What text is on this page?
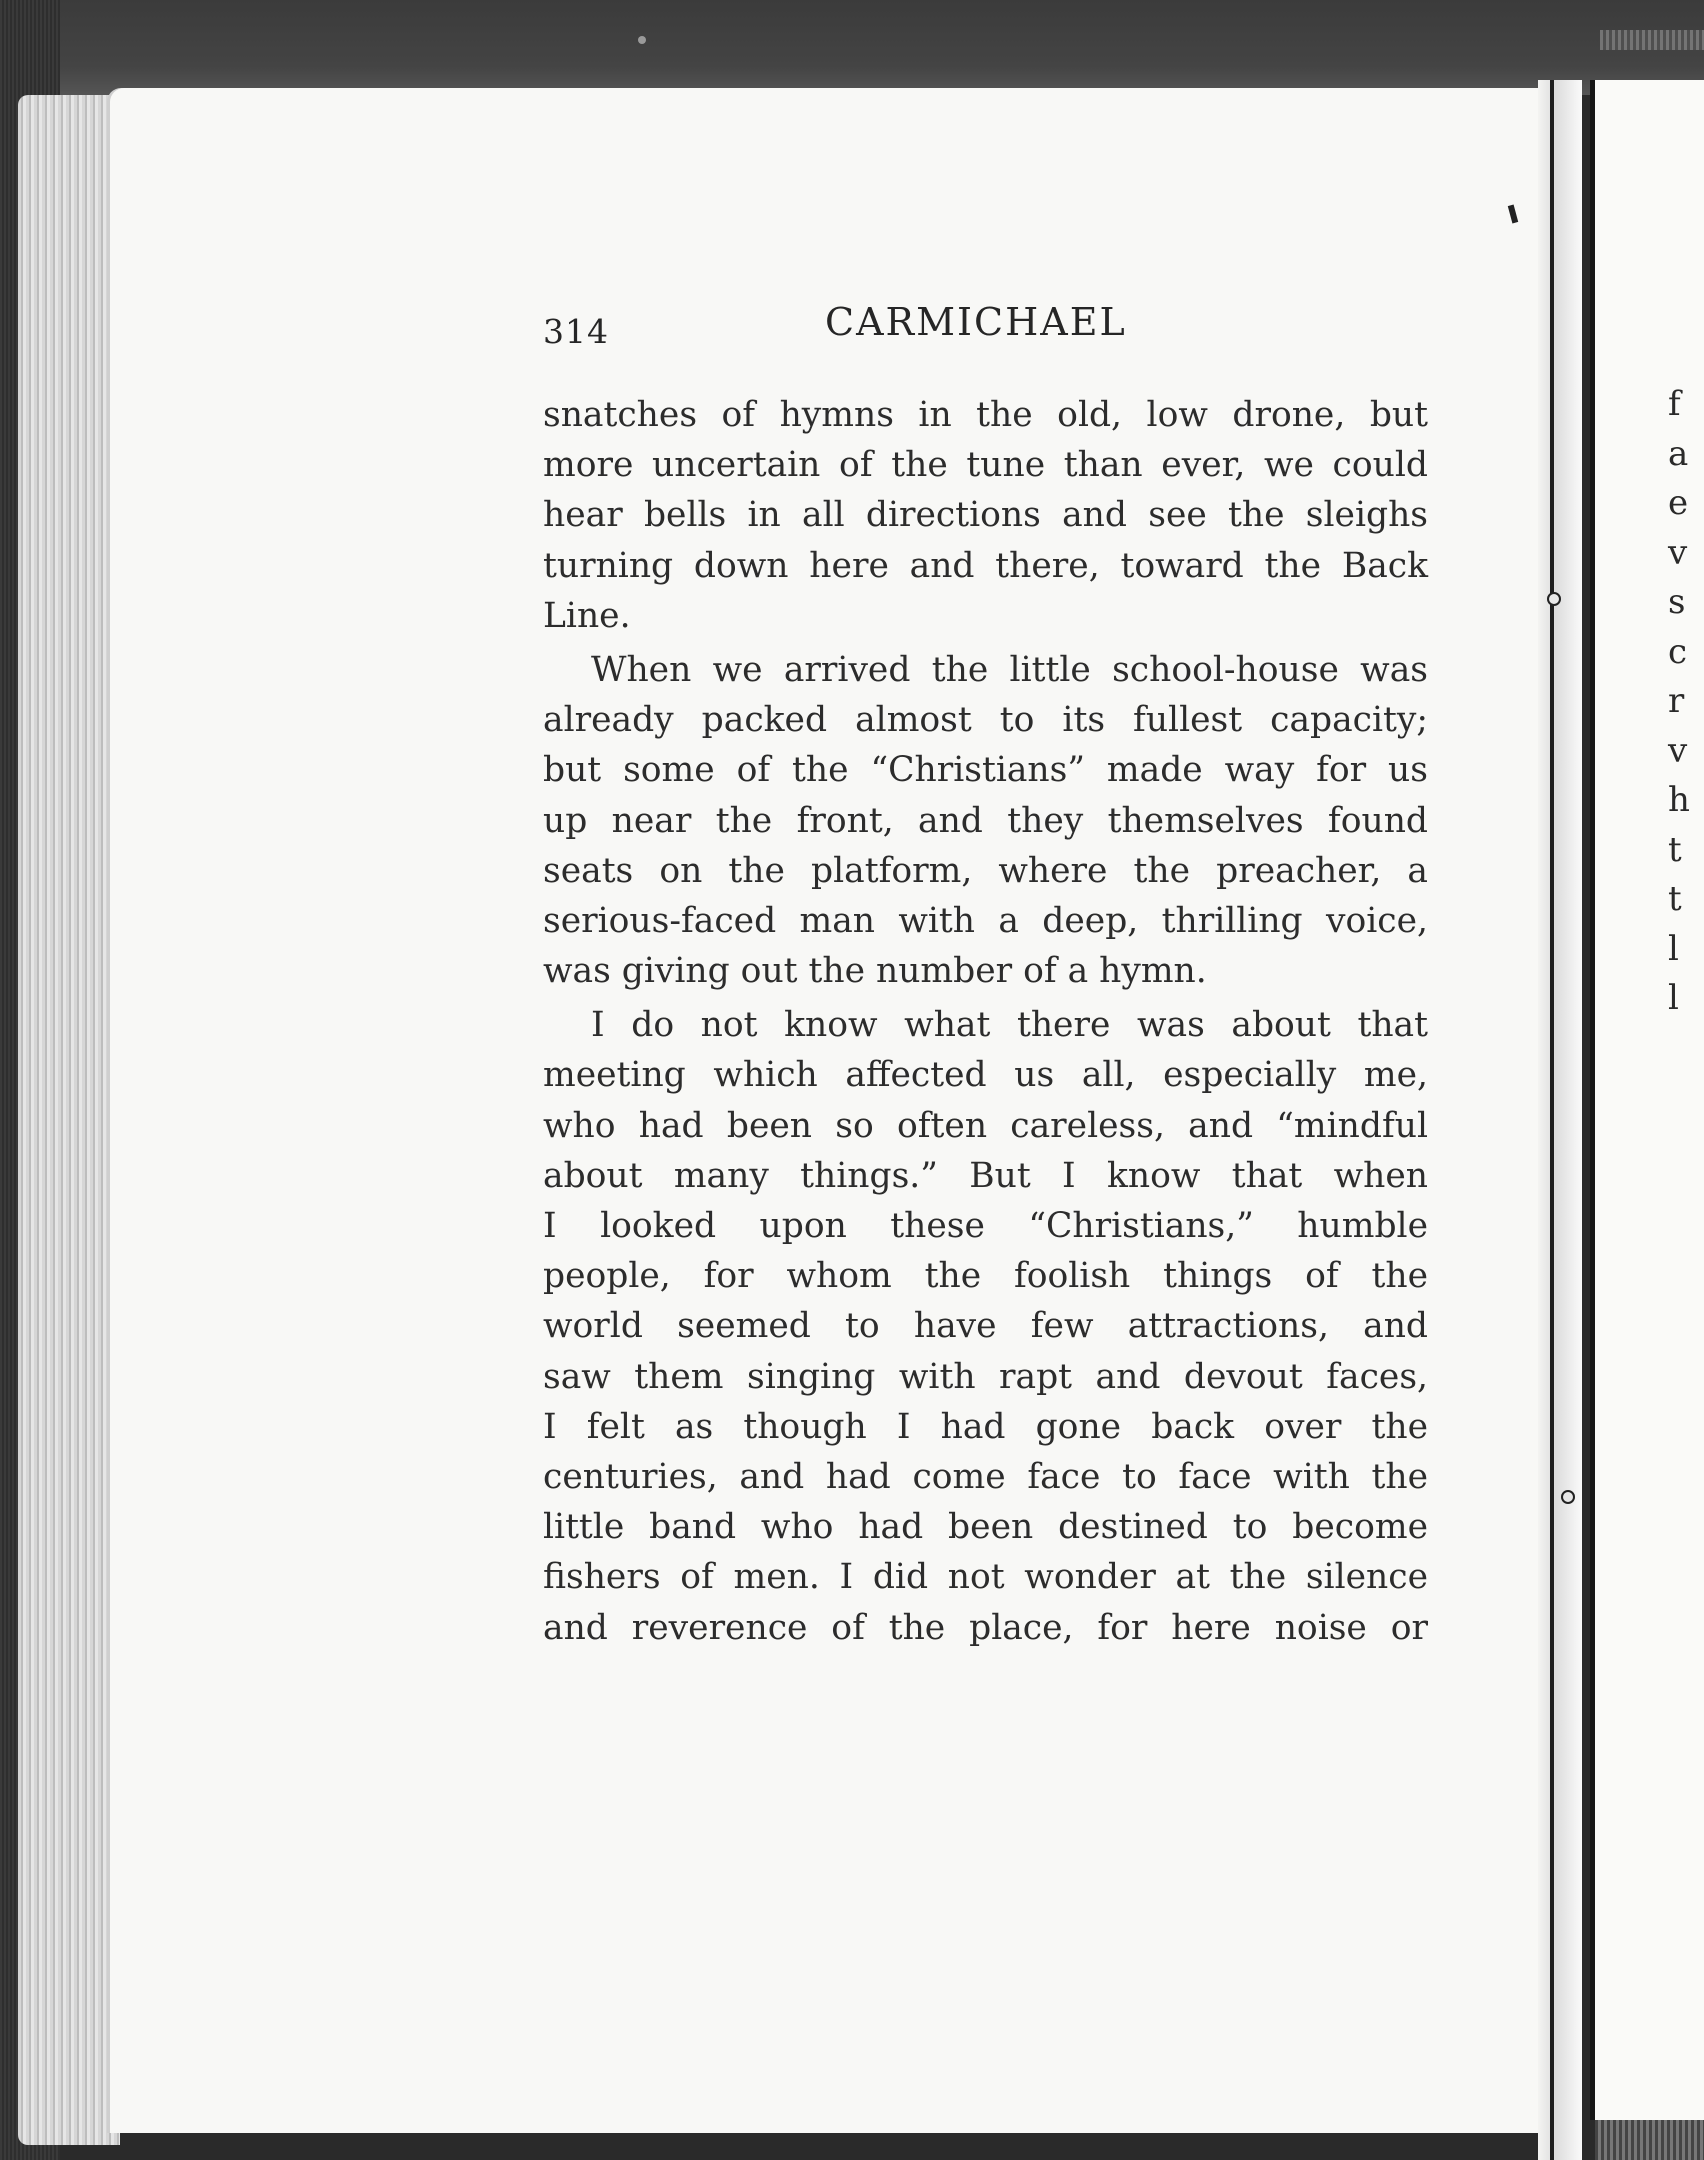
f
a
e
v
s
c
r
v
h
t
t
l
l
314	CARMICHAEL
snatches of hymns in the old, low drone, but
more uncertain of the tune than ever, we could
hear bells in all directions and see the sleighs
turning down here and there, toward the Back
Line.
When we arrived the little school-house was
already packed almost to its fullest capacity;
but some of the “Christians” made way for us
up near the front, and they themselves found
seats on the platform, where the preacher, a
serious-faced man with a deep, thrilling voice,
was giving out the number of a hymn.
I do not know what there was about that
meeting which affected us all, especially me,
who had been so often careless, and “mindful
about many things.” But I know that when
I looked upon these “Christians,” humble
people, for whom the foolish things of the
world seemed to have few attractions, and
saw them singing with rapt and devout faces,
I felt as though I had gone back over the
centuries, and had come face to face with the
little band who had been destined to become
fishers of men. I did not wonder at the silence
and reverence of the place, for here noise or
